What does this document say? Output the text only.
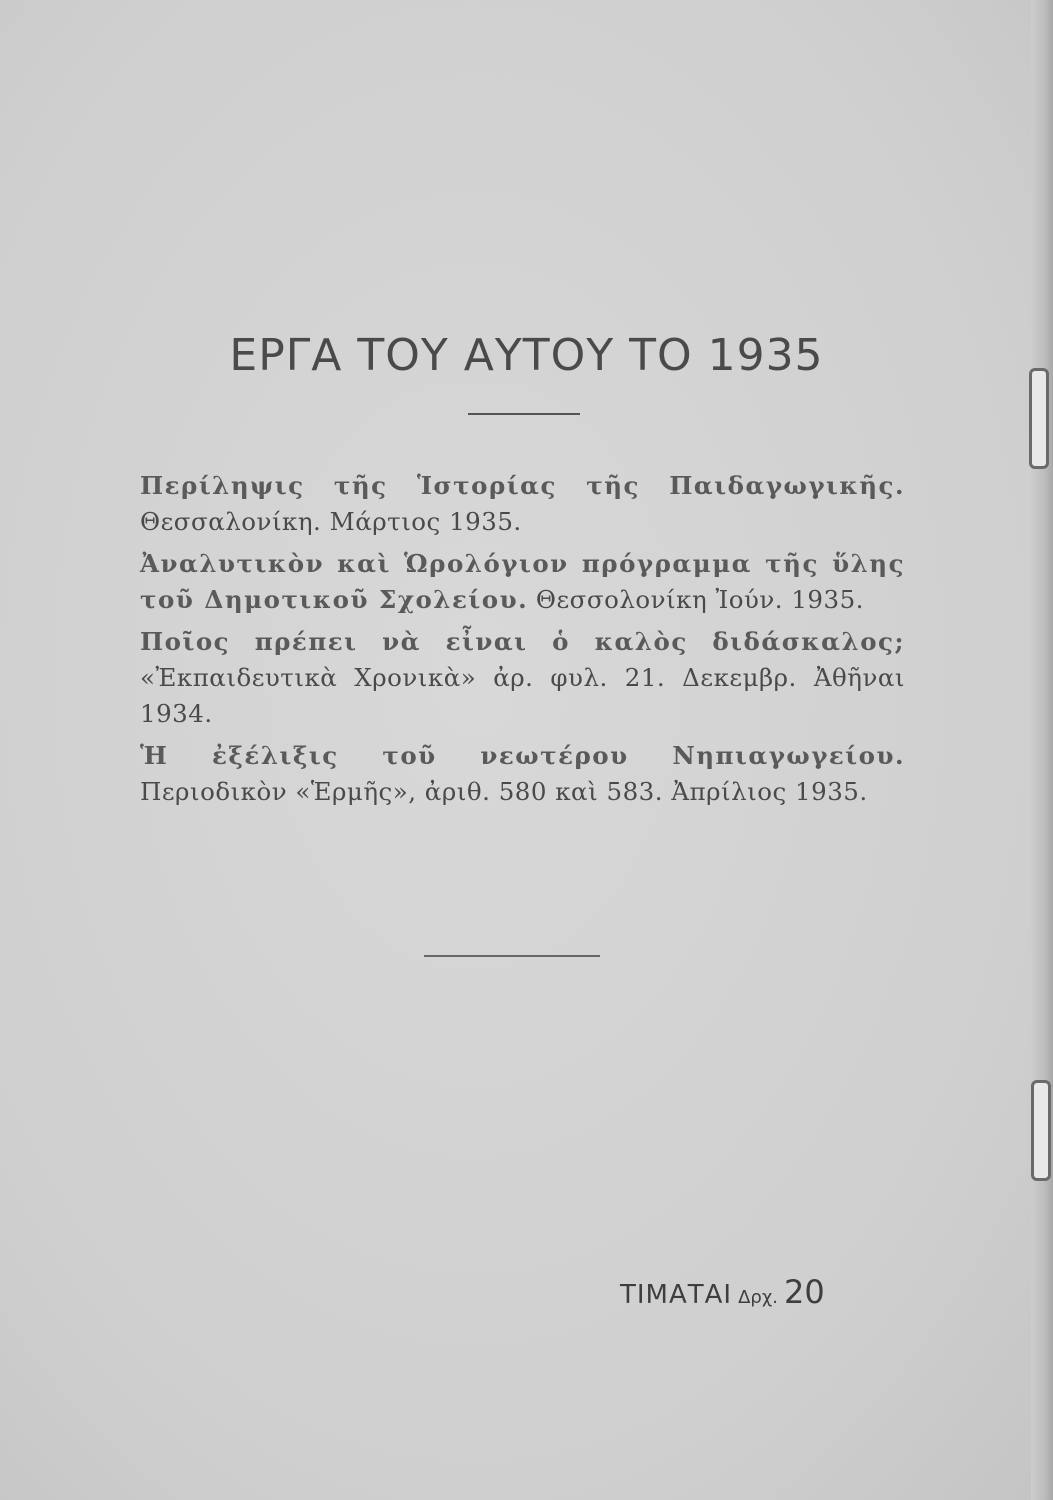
ΕΡΓΑ ΤΟΥ ΑΥΤΟΥ ΤΟ 1935

Περίληψις τῆς Ἱστορίας τῆς Παιδαγωγικῆς. Θεσσαλονίκη. Μάρτιος 1935.

Ἀναλυτικὸν καὶ Ὡρολόγιον πρόγραμμα τῆς ὕλης τοῦ Δημοτικοῦ Σχολείου. Θεσσολονίκη Ἰούν. 1935.

Ποῖος πρέπει νὰ εἶναι ὁ καλὸς διδάσκαλος; «Ἐκπαιδευτικὰ Χρονικὰ» ἀρ. φυλ. 21. Δεκεμβρ. Ἀθῆναι 1934.

Ἡ ἐξέλιξις τοῦ νεωτέρου Νηπιαγωγείου. Περιοδικὸν «Ἑρμῆς», ἀριθ. 580 καὶ 583. Ἀπρίλιος 1935.

ΤΙΜΑΤΑΙ Δρχ. 20
